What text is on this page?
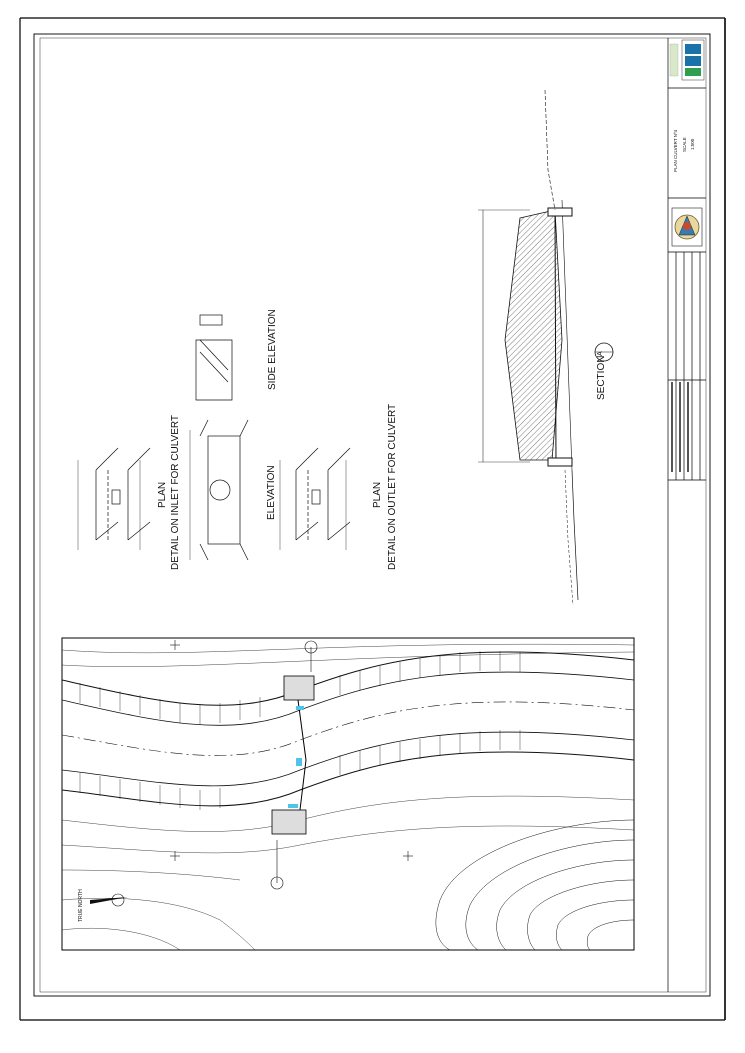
PLAN CULVERT Nº4 SCALE 1:500
TRUE NORTH
SIDE ELEVATION
PLAN DETAIL ON INLET FOR CULVERT	ELEVATION	PLAN DETAIL ON OUTLET FOR CULVERT
SECTION
A
